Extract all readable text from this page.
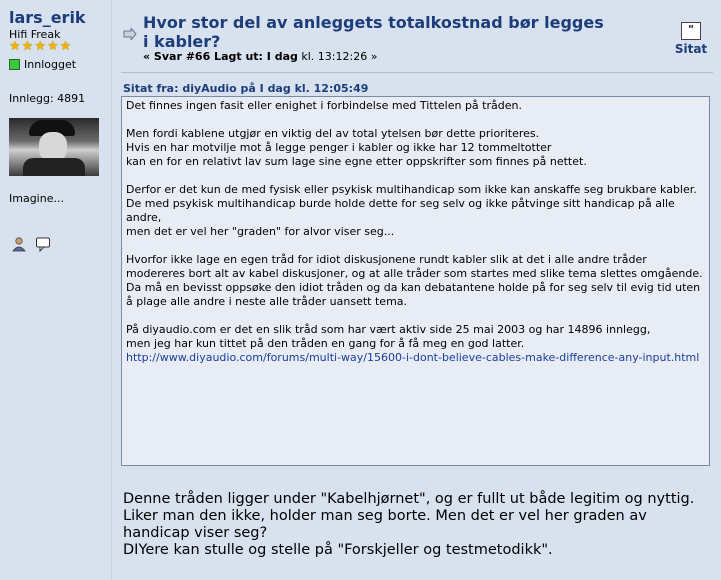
lars_erik
Hifi Freak
★ ★ ★ ★ ★
Innlogget
Innlegg: 4891
Imagine...
Hvor stor del av anleggets totalkostnad bør legges i kabler?
« Svar #66 Lagt ut: I dag kl. 13:12:26 »
"
Sitat
Sitat fra: diyAudio på I dag kl. 12:05:49

Det finnes ingen fasit eller enighet i forbindelse med Tittelen på tråden.

Men fordi kablene utgjør en viktig del av total ytelsen bør dette prioriteres.

Hvis en har motvilje mot å legge penger i kabler og ikke har 12 tommeltotter

kan en for en relativt lav sum lage sine egne etter oppskrifter som finnes på nettet.

Derfor er det kun de med fysisk eller psykisk multihandicap som ikke kan anskaffe seg brukbare kabler.

De med psykisk multihandicap burde holde dette for seg selv og ikke påtvinge sitt handicap på alle andre,

men det er vel her "graden" for alvor viser seg...

Hvorfor ikke lage en egen tråd for idiot diskusjonene rundt kabler slik at det i alle andre tråder modereres bort alt av kabel diskusjoner, og at alle tråder som startes med slike tema slettes omgående.

Da må en bevisst oppsøke den idiot tråden og da kan debatantene holde på for seg selv til evig tid uten å plage alle andre i neste alle tråder uansett tema.

På diyaudio.com er det en slik tråd som har vært aktiv side 25 mai 2003 og har 14896 innlegg,

men jeg har kun tittet på den tråden en gang for å få meg en god latter.

http://www.diyaudio.com/forums/multi-way/15600-i-dont-believe-cables-make-difference-any-input.html

Denne tråden ligger under "Kabelhjørnet", og er fullt ut både legitim og nyttig. Liker man den ikke, holder man seg borte. Men det er vel her graden av handicap viser seg?

DIYere kan stulle og stelle på "Forskjeller og testmetodikk".
